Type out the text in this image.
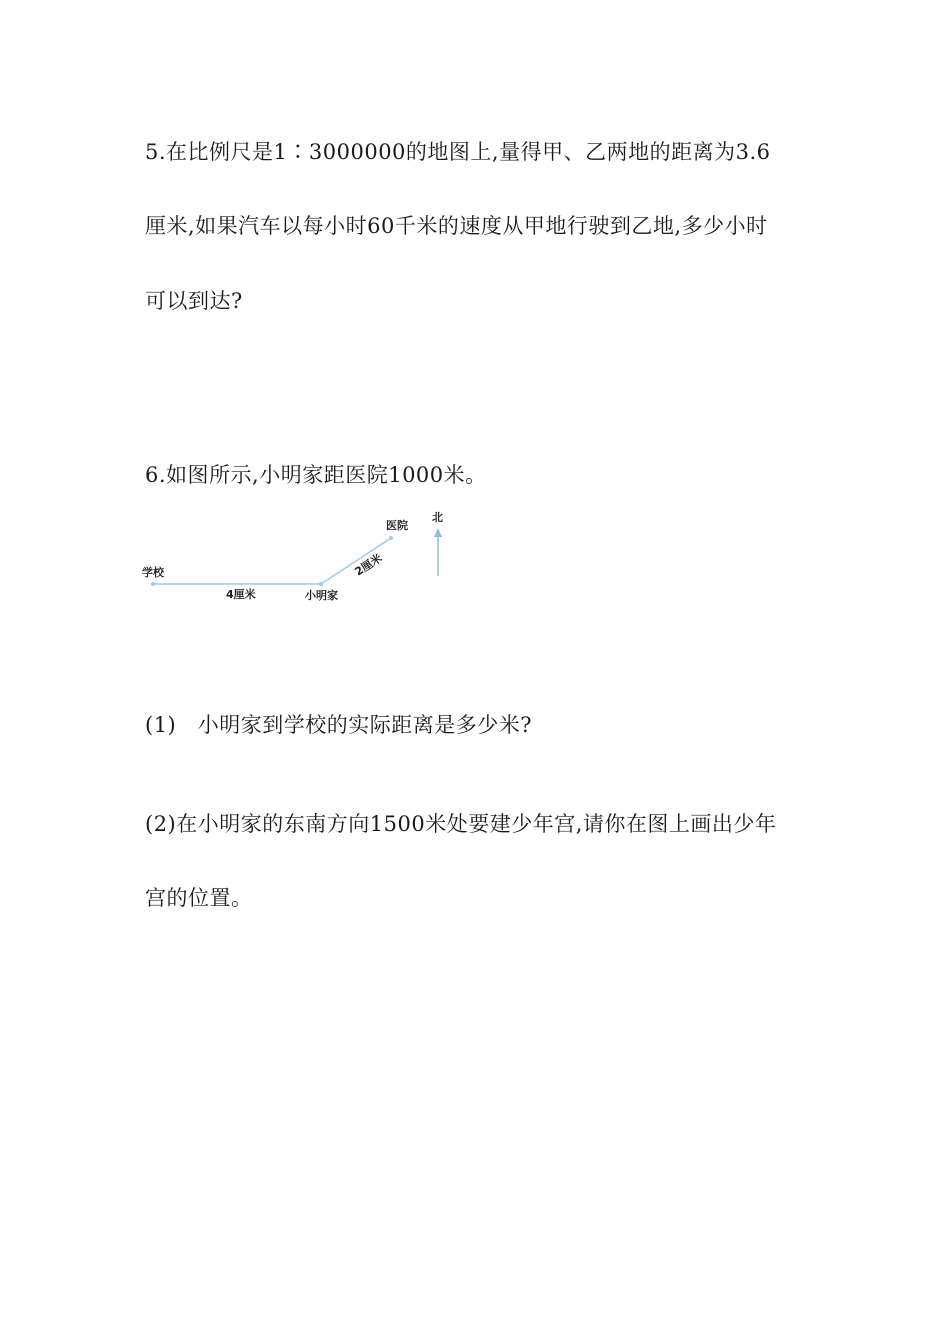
5.在比例尺是1∶3000000的地图上,量得甲、乙两地的距离为3.6
厘米,如果汽车以每小时60千米的速度从甲地行驶到乙地,多少小时
可以到达?
6.如图所示,小明家距医院1000米。
学校
4厘米	小明家
2厘米
医院
北
(1)　小明家到学校的实际距离是多少米?
(2)在小明家的东南方向1500米处要建少年宫,请你在图上画出少年
宫的位置。
